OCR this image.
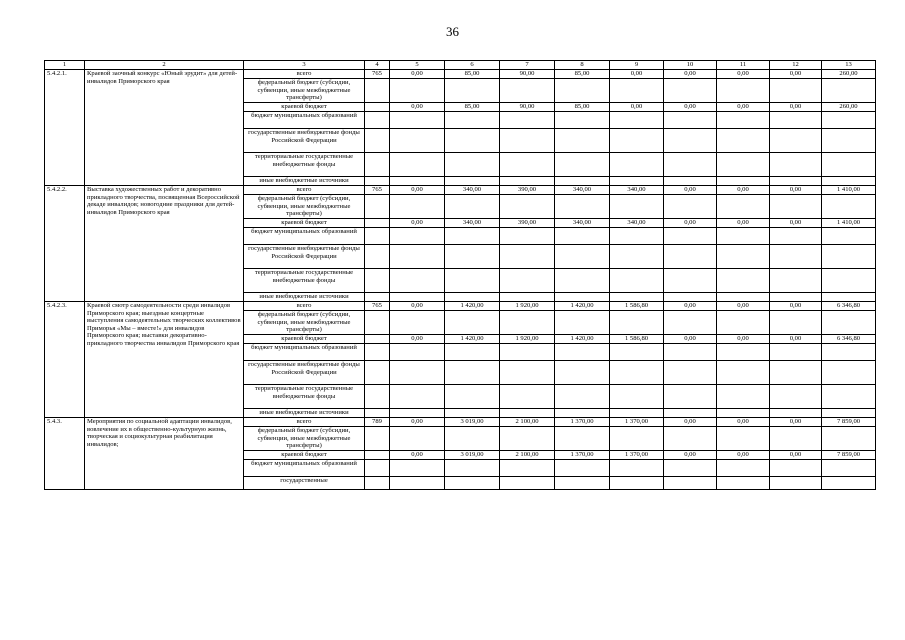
36
1	2	3	4	5	6	7	8	9	10	11	12	13
5.4.2.1.	Краевой заочный конкурс «Юный эрудит» для детей-инвалидов Приморского края	всего	765	0,00	85,00	90,00	85,00	0,00	0,00	0,00	0,00	260,00
		федеральный бюджет (субсидии, субвенции, иные межбюджетные трансферты)										
		краевой бюджет		0,00	85,00	90,00	85,00	0,00	0,00	0,00	0,00	260,00
		бюджет муниципальных образований										
		государственные внебюджетные фонды Российской Федерации										
		территориальные государственные внебюджетные фонды										
		иные внебюджетные источники										
5.4.2.2.	Выставка художественных работ и декоративно прикладного творчества, посвященная Всероссийской декаде инвалидов; новогодние праздники для детей-инвалидов Приморского края	всего	765	0,00	340,00	390,00	340,00	340,00	0,00	0,00	0,00	1 410,00
		федеральный бюджет (субсидии, субвенции, иные межбюджетные трансферты)										
		краевой бюджет		0,00	340,00	390,00	340,00	340,00	0,00	0,00	0,00	1 410,00
		бюджет муниципальных образований										
		государственные внебюджетные фонды Российской Федерации										
		территориальные государственные внебюджетные фонды										
		иные внебюджетные источники										
5.4.2.3.	Краевой смотр самодеятельности среди инвалидов Приморского края; выездные концертные выступления самодеятельных творческих коллективов Приморья «Мы – вместе!» для инвалидов Приморского края; выставки декоративно-прикладного творчества инвалидов Приморского края	всего	765	0,00	1 420,00	1 920,00	1 420,00	1 586,80	0,00	0,00	0,00	6 346,80
		федеральный бюджет (субсидии, субвенции, иные межбюджетные трансферты)										
		краевой бюджет		0,00	1 420,00	1 920,00	1 420,00	1 586,80	0,00	0,00	0,00	6 346,80
		бюджет муниципальных образований										
		государственные внебюджетные фонды Российской Федерации										
		территориальные государственные внебюджетные фонды										
		иные внебюджетные источники										
5.4.3.	Мероприятия по социальной адаптации инвалидов, вовлечение их в общественно-культурную жизнь, творческая и социокультурная реабилитация инвалидов;	всего	789	0,00	3 019,00	2 100,00	1 370,00	1 370,00	0,00	0,00	0,00	7 859,00
		федеральный бюджет (субсидии, субвенции, иные межбюджетные трансферты)										
		краевой бюджет		0,00	3 019,00	2 100,00	1 370,00	1 370,00	0,00	0,00	0,00	7 859,00
		бюджет муниципальных образований										
		государственные										
